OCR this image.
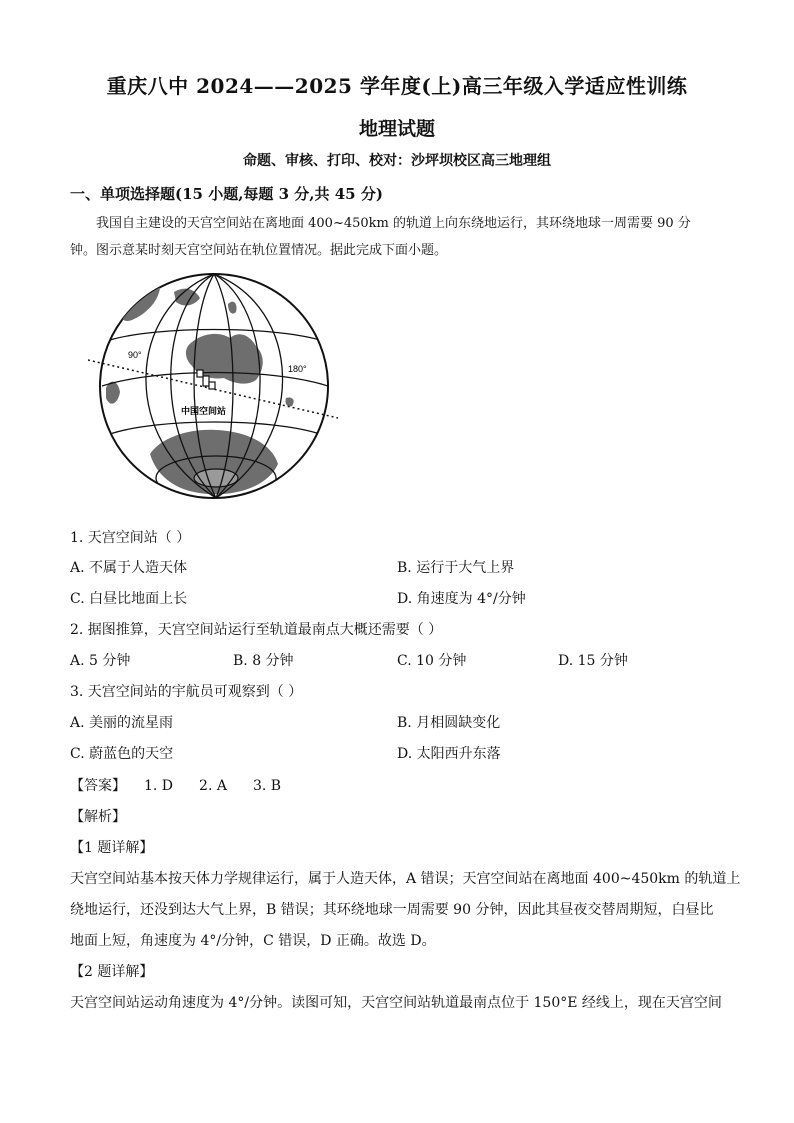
重庆八中 2024——2025 学年度(上)高三年级入学适应性训练
地理试题
命题、审核、打印、校对：沙坪坝校区高三地理组
一、单项选择题(15 小题,每题 3 分,共 45 分)
我国自主建设的天宫空间站在离地面 400~450km 的轨道上向东绕地运行，其环绕地球一周需要 90 分
钟。图示意某时刻天宫空间站在轨位置情况。据此完成下面小题。
90°
180°
中国空间站
1. 天宫空间站（ ）
A. 不属于人造天体	B. 运行于大气上界
C. 白昼比地面上长	D. 角速度为 4°/分钟
2. 据图推算，天宫空间站运行至轨道最南点大概还需要（ ）
A. 5 分钟	B. 8 分钟	C. 10 分钟	D. 15 分钟
3. 天宫空间站的宇航员可观察到（ ）
A. 美丽的流星雨	B. 月相圆缺变化
C. 蔚蓝色的天空	D. 太阳西升东落
【答案】 1. D 2. A 3. B
【解析】
【1 题详解】
天宫空间站基本按天体力学规律运行，属于人造天体，A 错误；天宫空间站在离地面 400~450km 的轨道上
绕地运行，还没到达大气上界，B 错误；其环绕地球一周需要 90 分钟，因此其昼夜交替周期短，白昼比
地面上短，角速度为 4°/分钟，C 错误，D 正确。故选 D。
【2 题详解】
天宫空间站运动角速度为 4°/分钟。读图可知，天宫空间站轨道最南点位于 150°E 经线上，现在天宫空间
